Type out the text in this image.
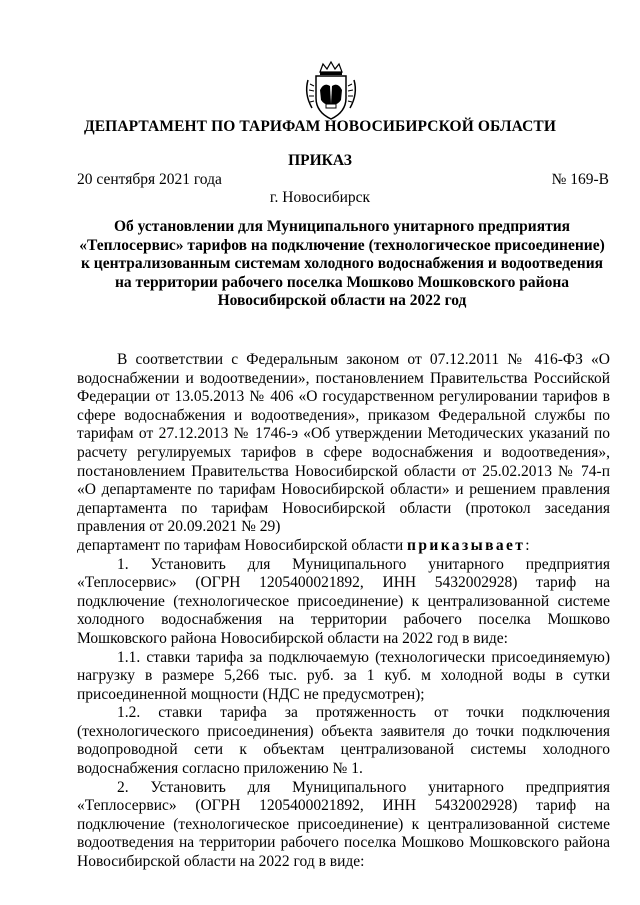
ДЕПАРТАМЕНТ ПО ТАРИФАМ НОВОСИБИРСКОЙ ОБЛАСТИ
ПРИКАЗ
20 сентября 2021 года	№ 169-В
г. Новосибирск
Об установлении для Муниципального унитарного предприятия «Теплосервис» тарифов на подключение (технологическое присоединение) к централизованным системам холодного водоснабжения и водоотведения на территории рабочего поселка Мошково Мошковского района Новосибирской области на 2022 год

В соответствии с Федеральным законом от 07.12.2011 № 416-ФЗ «О водоснабжении и водоотведении», постановлением Правительства Российской Федерации от 13.05.2013 № 406 «О государственном регулировании тарифов в сфере водоснабжения и водоотведения», приказом Федеральной службы по тарифам от 27.12.2013 № 1746-э «Об утверждении Методических указаний по расчету регулируемых тарифов в сфере водоснабжения и водоотведения», постановлением Правительства Новосибирской области от 25.02.2013 № 74-п «О департаменте по тарифам Новосибирской области» и решением правления департамента по тарифам Новосибирской области (протокол заседания правления от 20.09.2021 № 29)

департамент по тарифам Новосибирской области приказывает:

1. Установить для Муниципального унитарного предприятия «Теплосервис» (ОГРН 1205400021892, ИНН 5432002928) тариф на подключение (технологическое присоединение) к централизованной системе холодного водоснабжения на территории рабочего поселка Мошково Мошковского района Новосибирской области на 2022 год в виде:

1.1. ставки тарифа за подключаемую (технологически присоединяемую) нагрузку в размере 5,266 тыс. руб. за 1 куб. м холодной воды в сутки присоединенной мощности (НДС не предусмотрен);

1.2. ставки тарифа за протяженность от точки подключения (технологического присоединения) объекта заявителя до точки подключения водопроводной сети к объектам централизованой системы холодного водоснабжения согласно приложению № 1.

2. Установить для Муниципального унитарного предприятия «Теплосервис» (ОГРН 1205400021892, ИНН 5432002928) тариф на подключение (технологическое присоединение) к централизованной системе водоотведения на территории рабочего поселка Мошково Мошковского района Новосибирской области на 2022 год в виде:
